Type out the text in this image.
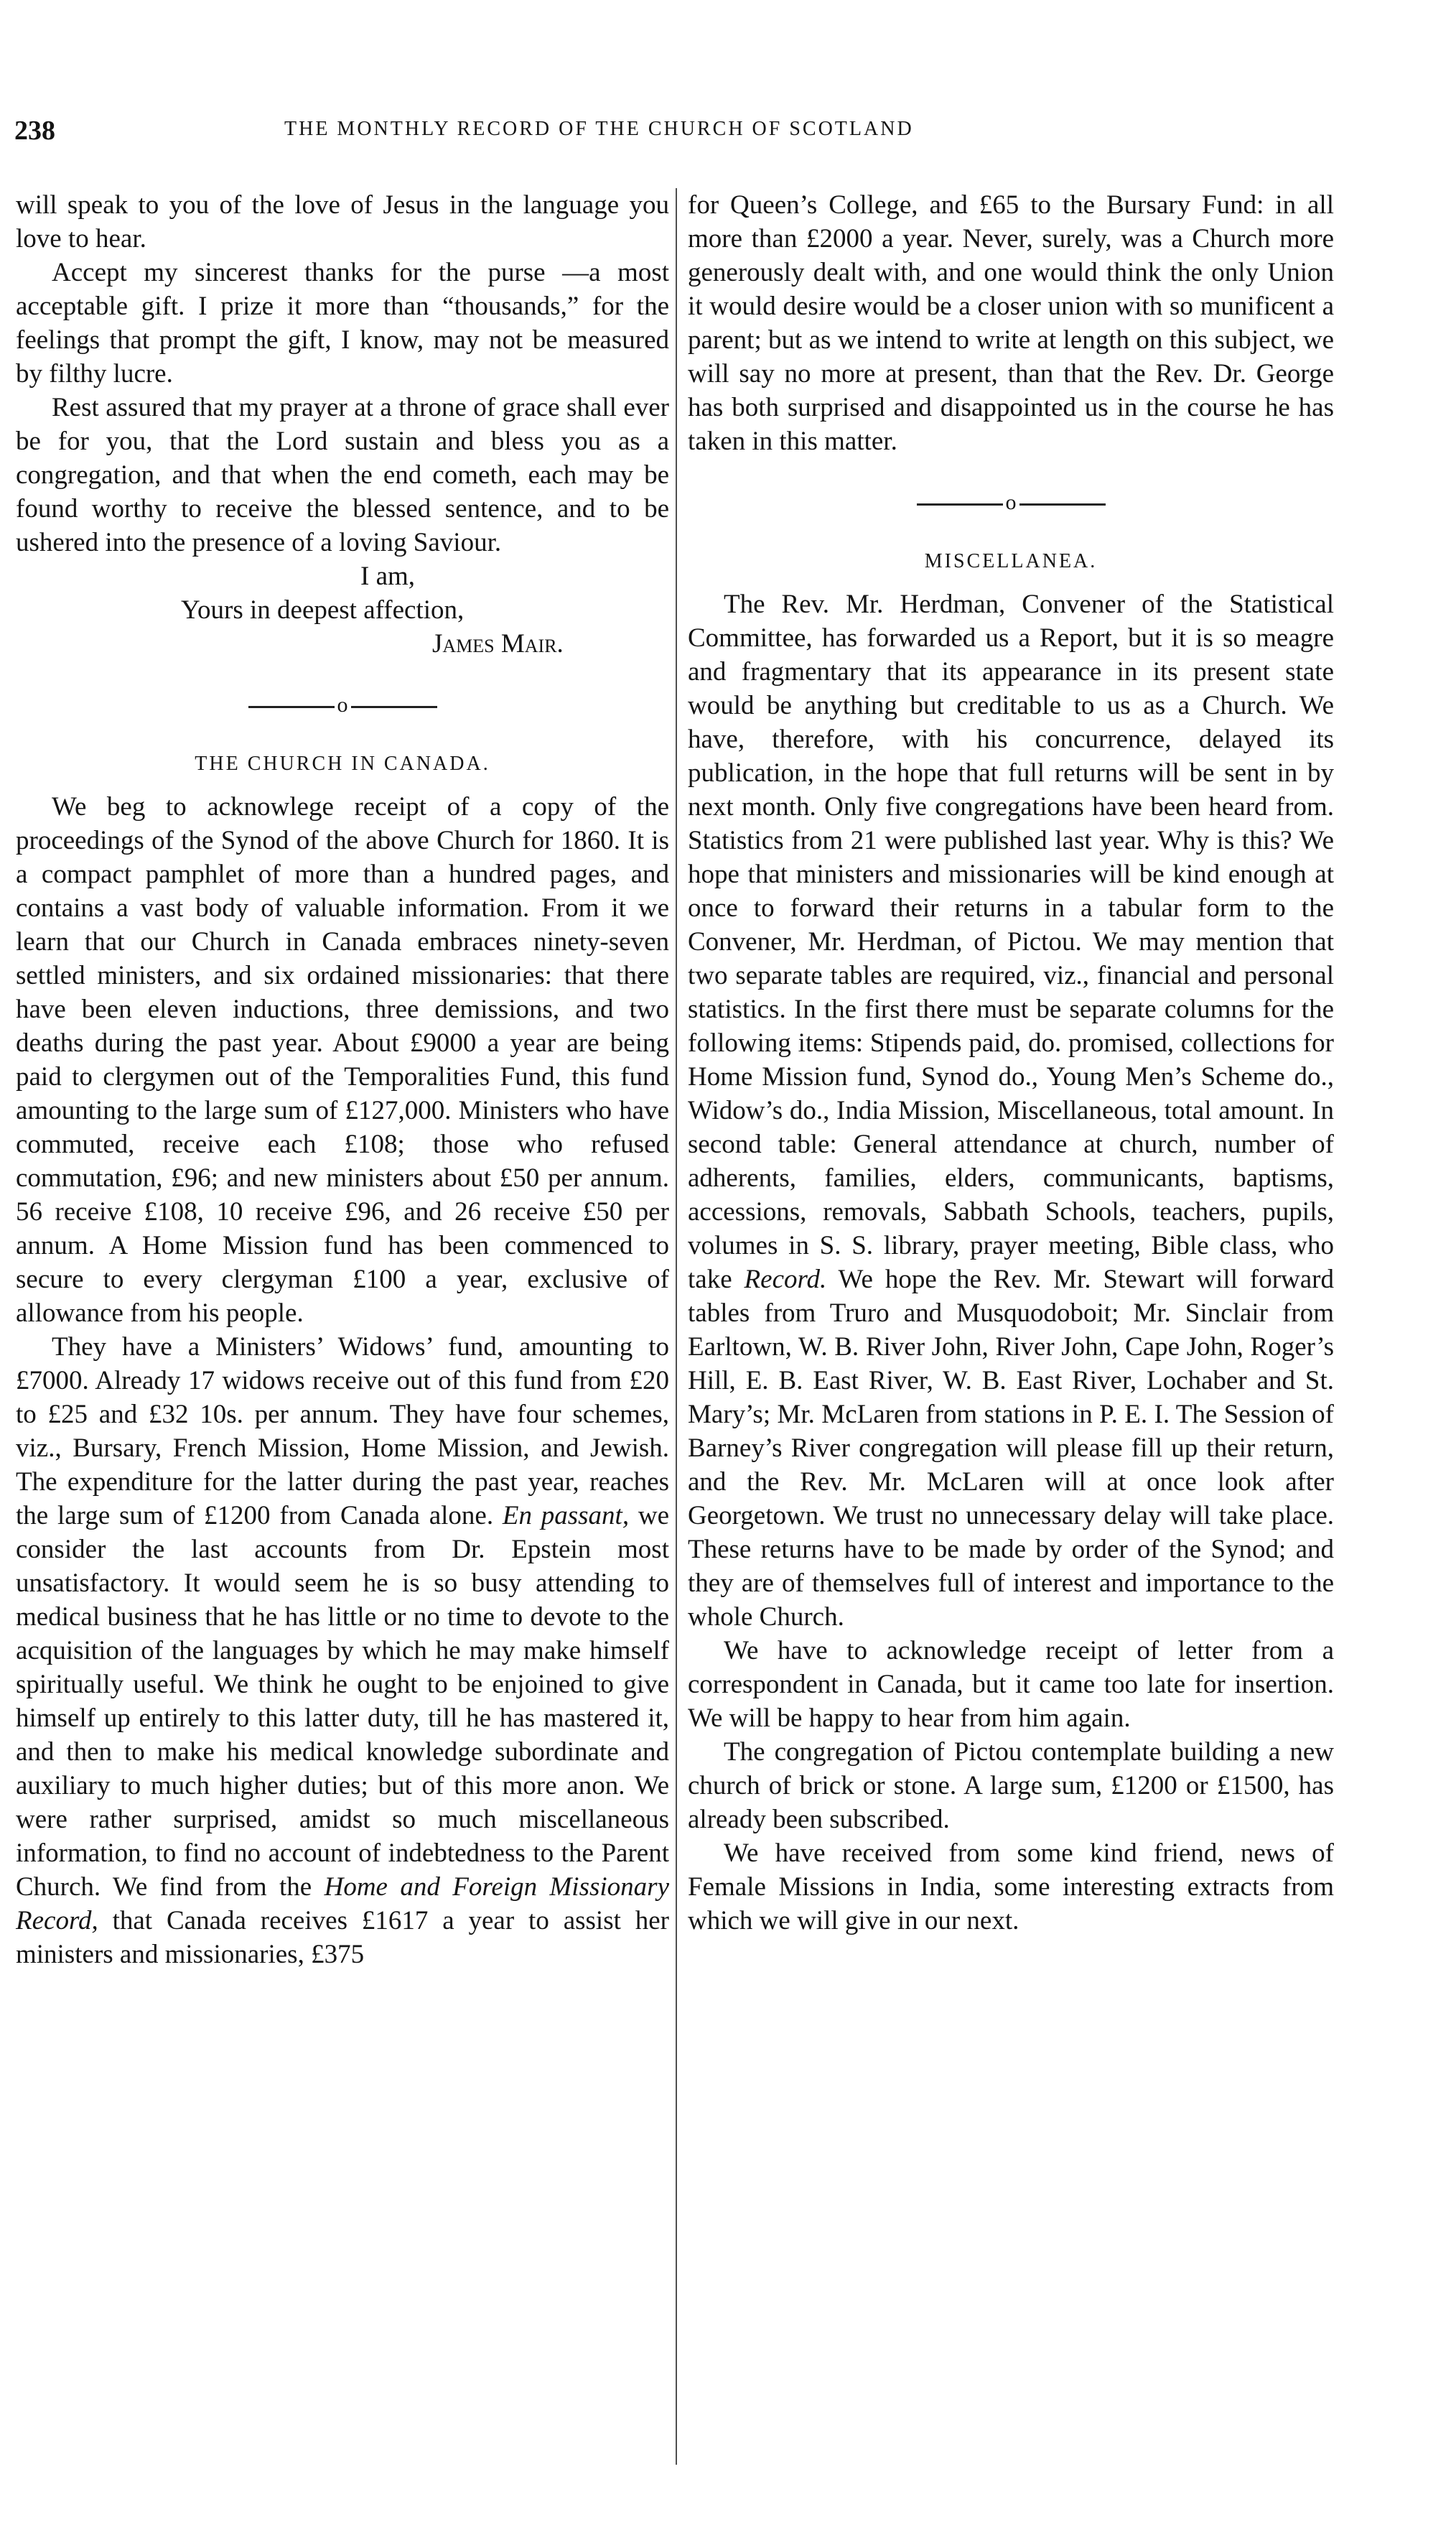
238	THE MONTHLY RECORD OF THE CHURCH OF SCOTLAND

will speak to you of the love of Jesus in the language you love to hear.

Accept my sincerest thanks for the purse —a most acceptable gift. I prize it more than “thousands,” for the feelings that prompt the gift, I know, may not be measured by filthy lucre.

Rest assured that my prayer at a throne of grace shall ever be for you, that the Lord sustain and bless you as a congregation, and that when the end cometh, each may be found worthy to receive the blessed sentence, and to be ushered into the presence of a loving Saviour.

I am,
Yours in deepest affection,
James Mair.
o
THE CHURCH IN CANADA.

We beg to acknowlege receipt of a copy of the proceedings of the Synod of the above Church for 1860. It is a compact pamphlet of more than a hundred pages, and contains a vast body of valuable information. From it we learn that our Church in Canada embraces ninety-seven settled ministers, and six ordained missionaries: that there have been eleven inductions, three demissions, and two deaths during the past year. About £9000 a year are being paid to clergymen out of the Temporalities Fund, this fund amounting to the large sum of £127,000. Ministers who have commuted, receive each £108; those who refused commutation, £96; and new ministers about £50 per annum. 56 receive £108, 10 receive £96, and 26 receive £50 per annum. A Home Mission fund has been commenced to secure to every clergyman £100 a year, exclusive of allowance from his people.

They have a Ministers’ Widows’ fund, amounting to £7000. Already 17 widows receive out of this fund from £20 to £25 and £32 10s. per annum. They have four schemes, viz., Bursary, French Mission, Home Mission, and Jewish. The expenditure for the latter during the past year, reaches the large sum of £1200 from Canada alone. En passant, we consider the last accounts from Dr. Epstein most unsatisfactory. It would seem he is so busy attending to medical business that he has little or no time to devote to the acquisition of the languages by which he may make himself spiritually useful. We think he ought to be enjoined to give himself up entirely to this latter duty, till he has mastered it, and then to make his medical knowledge subordinate and auxiliary to much higher duties; but of this more anon. We were rather surprised, amidst so much miscellaneous information, to find no account of indebtedness to the Parent Church. We find from the Home and Foreign Missionary Record, that Canada receives £1617 a year to assist her ministers and missionaries, £375

for Queen’s College, and £65 to the Bursary Fund: in all more than £2000 a year. Never, surely, was a Church more generously dealt with, and one would think the only Union it would desire would be a closer union with so munificent a parent; but as we intend to write at length on this subject, we will say no more at present, than that the Rev. Dr. George has both surprised and disappointed us in the course he has taken in this matter.

o
MISCELLANEA.

The Rev. Mr. Herdman, Convener of the Statistical Committee, has forwarded us a Report, but it is so meagre and fragmentary that its appearance in its present state would be anything but creditable to us as a Church. We have, therefore, with his concurrence, delayed its publication, in the hope that full returns will be sent in by next month. Only five congregations have been heard from. Statistics from 21 were published last year. Why is this? We hope that ministers and missionaries will be kind enough at once to forward their returns in a tabular form to the Convener, Mr. Herdman, of Pictou. We may mention that two separate tables are required, viz., financial and personal statistics. In the first there must be separate columns for the following items: Stipends paid, do. promised, collections for Home Mission fund, Synod do., Young Men’s Scheme do., Widow’s do., India Mission, Miscellaneous, total amount. In second table: General attendance at church, number of adherents, families, elders, communicants, baptisms, accessions, removals, Sabbath Schools, teachers, pupils, volumes in S. S. library, prayer meeting, Bible class, who take Record. We hope the Rev. Mr. Stewart will forward tables from Truro and Musquodoboit; Mr. Sinclair from Earltown, W. B. River John, River John, Cape John, Roger’s Hill, E. B. East River, W. B. East River, Lochaber and St. Mary’s; Mr. McLaren from stations in P. E. I. The Session of Barney’s River congregation will please fill up their return, and the Rev. Mr. McLaren will at once look after Georgetown. We trust no unnecessary delay will take place. These returns have to be made by order of the Synod; and they are of themselves full of interest and importance to the whole Church.

We have to acknowledge receipt of letter from a correspondent in Canada, but it came too late for insertion. We will be happy to hear from him again.

The congregation of Pictou contemplate building a new church of brick or stone. A large sum, £1200 or £1500, has already been subscribed.

We have received from some kind friend, news of Female Missions in India, some interesting extracts from which we will give in our next.
